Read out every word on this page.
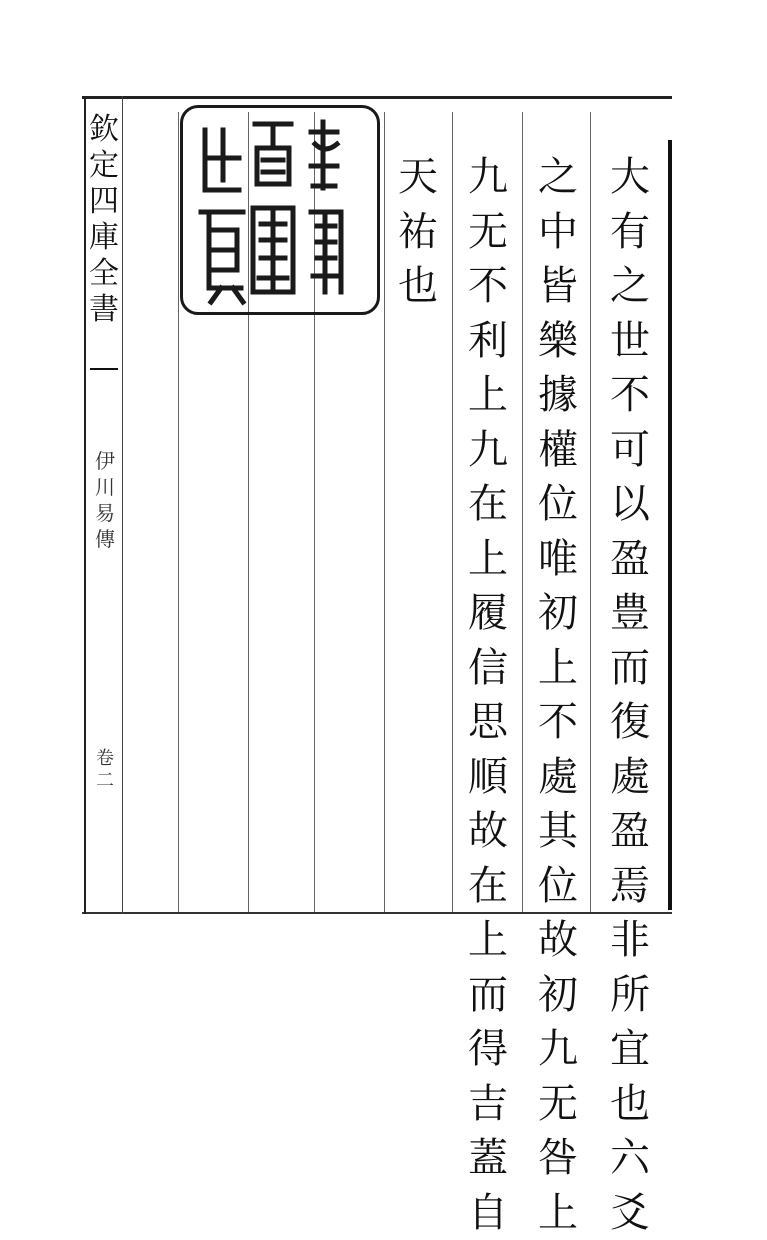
欽
定
四
庫
全
書
伊
川
易
傳
卷
二
大
有
之
世
不
可
以
盈
豊
而
復
處
盈
焉
非
所
宜
也
六
爻
之
中
皆
樂
據
權
位
唯
初
上
不
處
其
位
故
初
九
无
咎
上
九
无
不
利
上
九
在
上
履
信
思
順
故
在
上
而
得
吉
蓋
自
天
祐
也
